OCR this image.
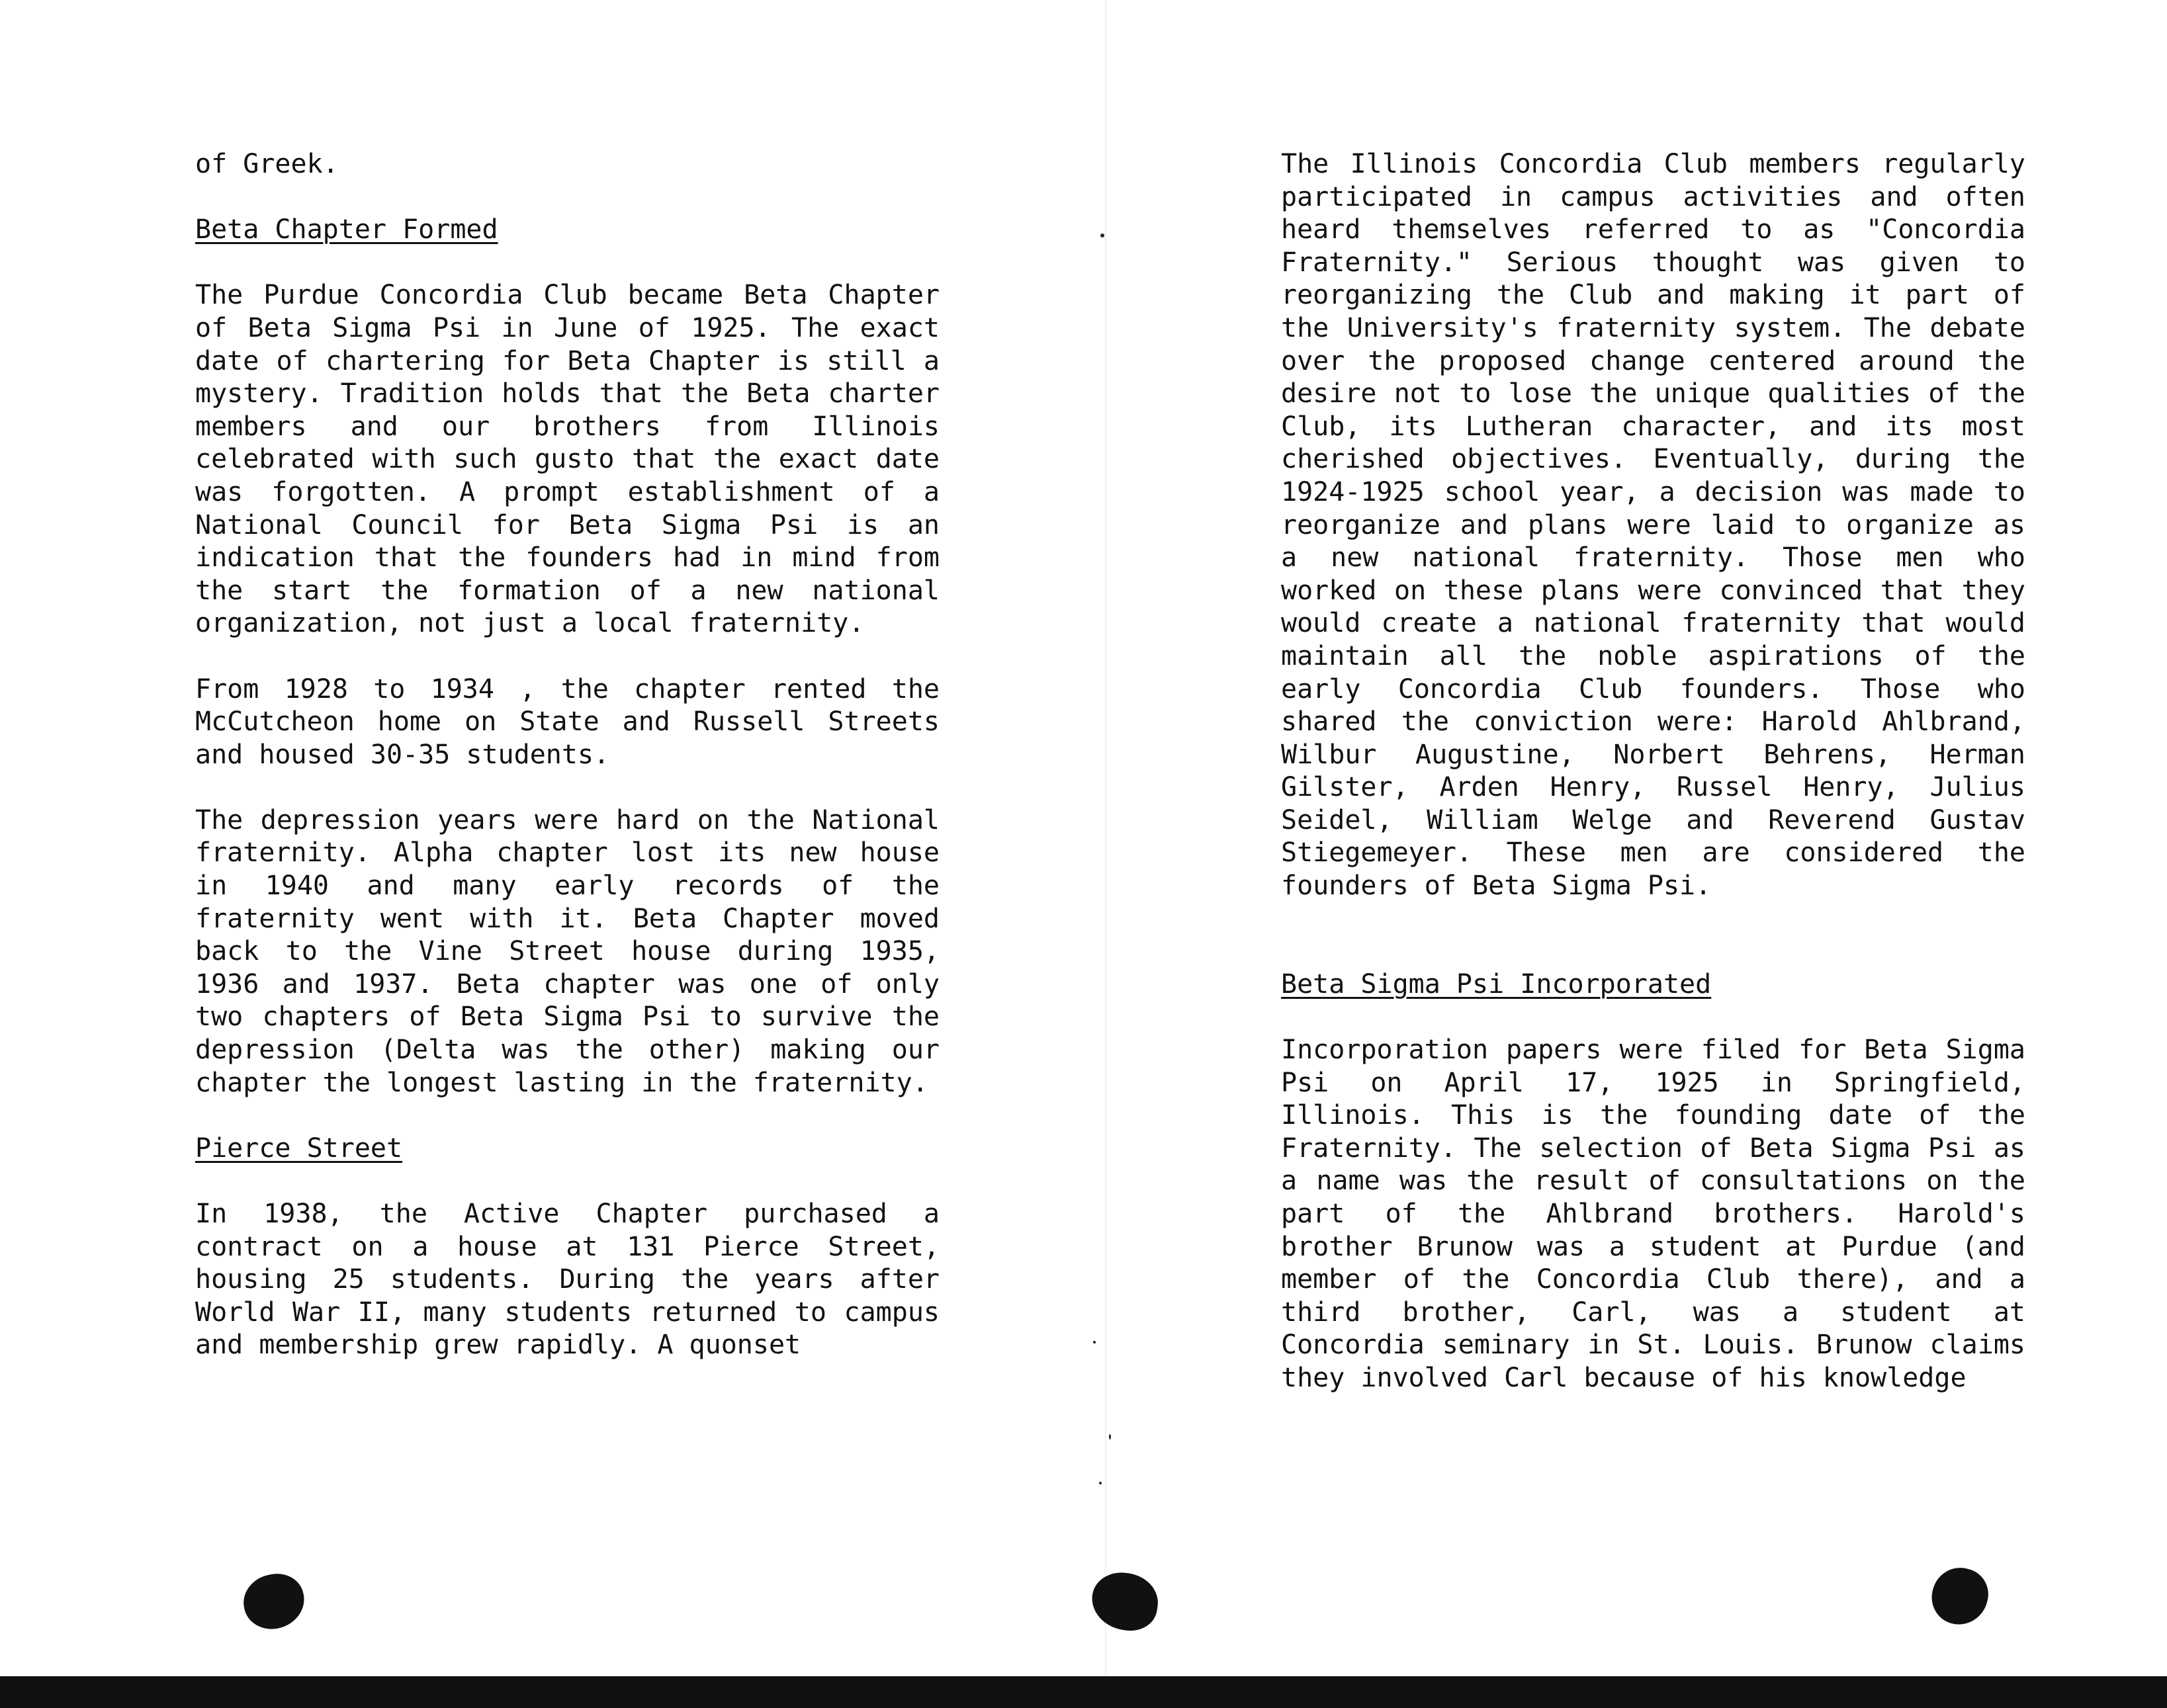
of Greek.

Beta Chapter Formed

The Purdue Concordia Club became Beta Chapter of Beta Sigma Psi in June of 1925. The exact date of chartering for Beta Chapter is still a mystery. Tradition holds that the Beta charter members and our brothers from Illinois celebrated with such gusto that the exact date was forgotten. A prompt establishment of a National Council for Beta Sigma Psi is an indication that the founders had in mind from the start the formation of a new national organization, not just a local fraternity.

From 1928 to 1934 , the chapter rented the McCutcheon home on State and Russell Streets and housed 30-35 students.

The depression years were hard on the National fraternity. Alpha chapter lost its new house in 1940 and many early records of the fraternity went with it. Beta Chapter moved back to the Vine Street house during 1935, 1936 and 1937. Beta chapter was one of only two chapters of Beta Sigma Psi to survive the depression (Delta was the other) making our chapter the longest lasting in the fraternity.

Pierce Street

In 1938, the Active Chapter purchased a contract on a house at 131 Pierce Street, housing 25 students. During the years after World War II, many students returned to campus and membership grew rapidly. A quonset

The Illinois Concordia Club members regularly participated in campus activities and often heard themselves referred to as "Concordia Fraternity." Serious thought was given to reorganizing the Club and making it part of the University's fraternity system. The debate over the proposed change centered around the desire not to lose the unique qualities of the Club, its Lutheran character, and its most cherished objectives. Eventually, during the 1924-1925 school year, a decision was made to reorganize and plans were laid to organize as a new national fraternity. Those men who worked on these plans were convinced that they would create a national fraternity that would maintain all the noble aspirations of the early Concordia Club founders. Those who shared the conviction were: Harold Ahlbrand, Wilbur Augustine, Norbert Behrens, Herman Gilster, Arden Henry, Russel Henry, Julius Seidel, William Welge and Reverend Gustav Stiegemeyer. These men are considered the founders of Beta Sigma Psi.

Beta Sigma Psi Incorporated

Incorporation papers were filed for Beta Sigma Psi on April 17, 1925 in Springfield, Illinois. This is the founding date of the Fraternity. The selection of Beta Sigma Psi as a name was the result of consultations on the part of the Ahlbrand brothers. Harold's brother Brunow was a student at Purdue (and member of the Concordia Club there), and a third brother, Carl, was a student at Concordia seminary in St. Louis. Brunow claims they involved Carl because of his knowledge
